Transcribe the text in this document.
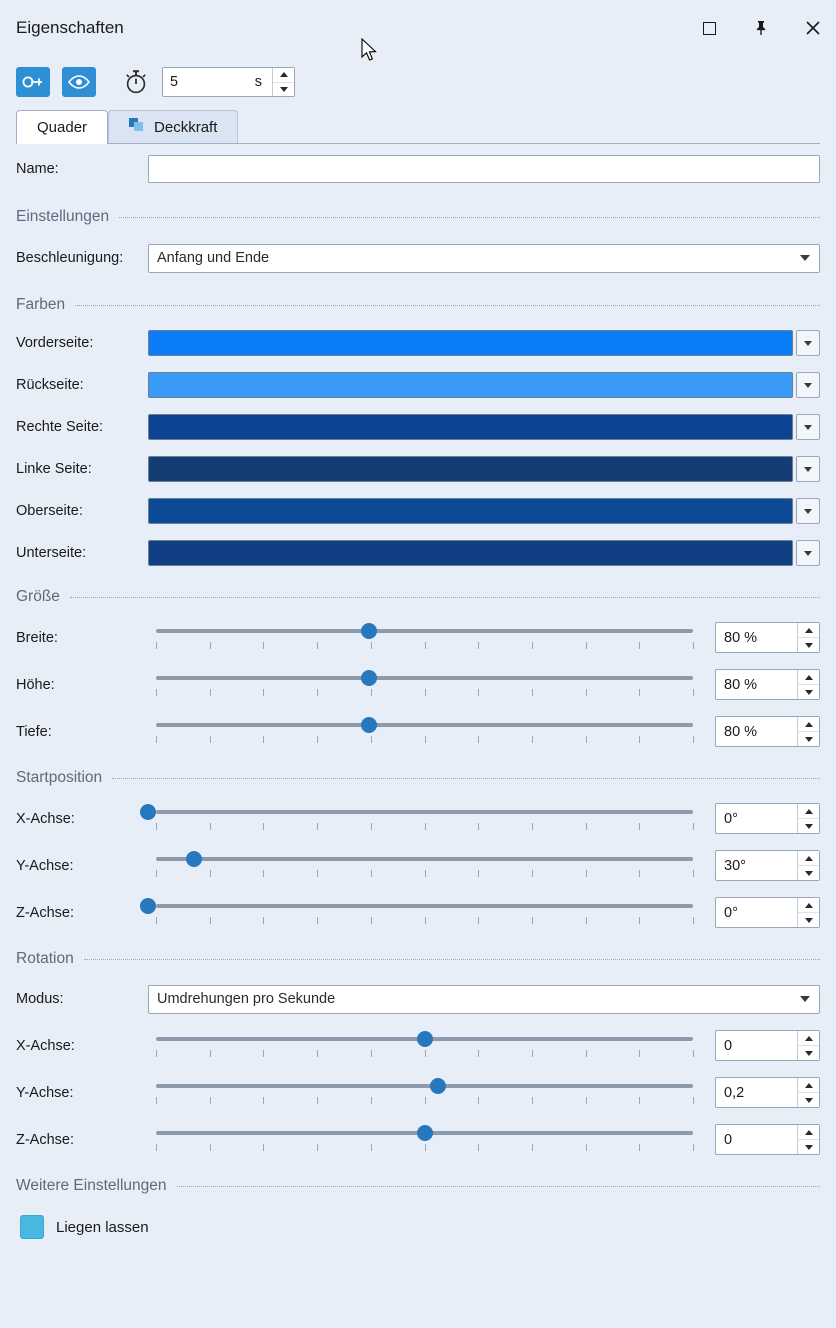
Eigenschaften
5	s
Quader	Deckkraft
Name:
Einstellungen
Beschleunigung:	Anfang und Ende
Farben
Vorderseite:
Rückseite:
Rechte Seite:
Linke Seite:
Oberseite:
Unterseite:
Größe
Breite:	80 %
Höhe:	80 %
Tiefe:	80 %
Startposition
X-Achse:	0°
Y-Achse:	30°
Z-Achse:	0°
Rotation
Modus:	Umdrehungen pro Sekunde
X-Achse:	0
Y-Achse:	0,2
Z-Achse:	0
Weitere Einstellungen
Liegen lassen
